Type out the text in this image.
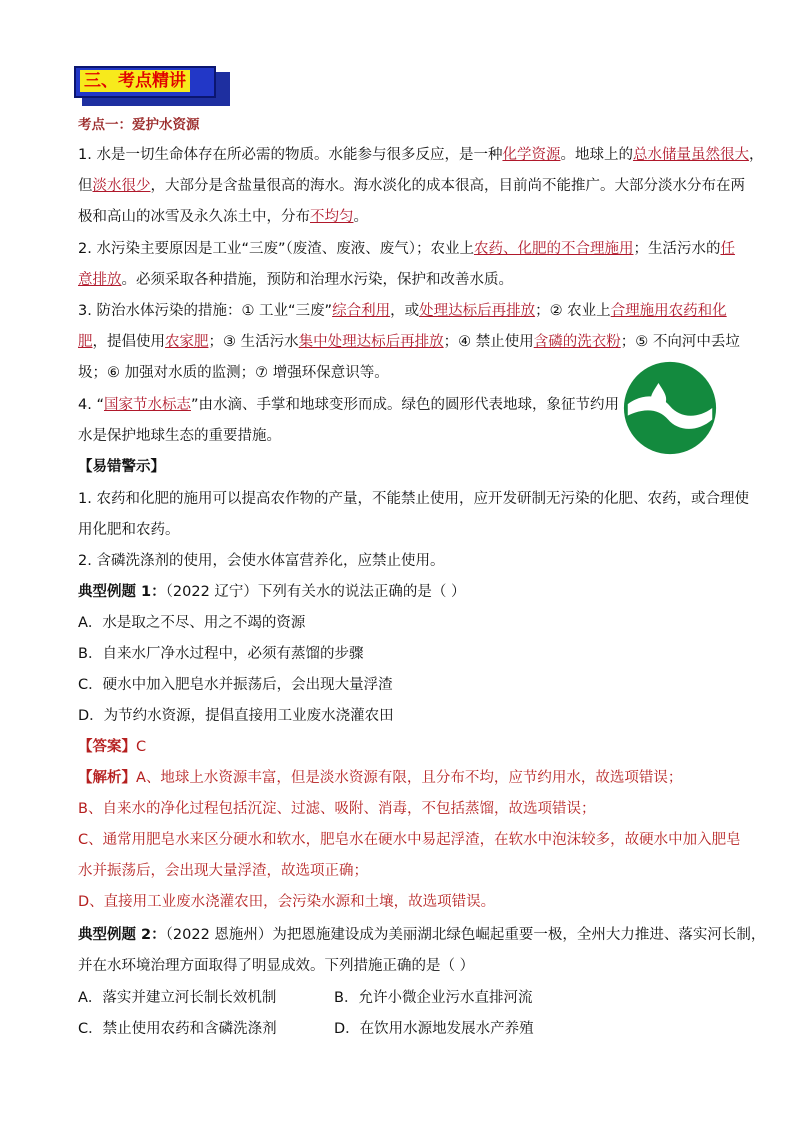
三、考点精讲
考点一：爱护水资源
1. 水是一切生命体存在所必需的物质。水能参与很多反应，是一种化学资源。地球上的总水储量虽然很大，
但淡水很少，大部分是含盐量很高的海水。海水淡化的成本很高，目前尚不能推广。大部分淡水分布在两
极和高山的冰雪及永久冻土中，分布不均匀。
2. 水污染主要原因是工业“三废”（废渣、废液、废气）；农业上农药、化肥的不合理施用；生活污水的任
意排放。必须采取各种措施，预防和治理水污染，保护和改善水质。
3. 防治水体污染的措施：① 工业“三废”综合利用，或处理达标后再排放；② 农业上合理施用农药和化
肥，提倡使用农家肥；③ 生活污水集中处理达标后再排放；④ 禁止使用含磷的洗衣粉；⑤ 不向河中丢垃
圾；⑥ 加强对水质的监测；⑦ 增强环保意识等。
4. “国家节水标志”由水滴、手掌和地球变形而成。绿色的圆形代表地球，象征节约用
水是保护地球生态的重要措施。
【易错警示】
1. 农药和化肥的施用可以提高农作物的产量，不能禁止使用，应开发研制无污染的化肥、农药，或合理使
用化肥和农药。
2. 含磷洗涤剂的使用，会使水体富营养化，应禁止使用。
典型例题 1：（2022 辽宁）下列有关水的说法正确的是（ ）
A．水是取之不尽、用之不竭的资源
B．自来水厂净水过程中，必须有蒸馏的步骤
C．硬水中加入肥皂水并振荡后，会出现大量浮渣
D．为节约水资源，提倡直接用工业废水浇灌农田
【答案】C
【解析】A、地球上水资源丰富，但是淡水资源有限，且分布不均，应节约用水，故选项错误；
B、自来水的净化过程包括沉淀、过滤、吸附、消毒，不包括蒸馏，故选项错误；
C、通常用肥皂水来区分硬水和软水，肥皂水在硬水中易起浮渣，在软水中泡沫较多，故硬水中加入肥皂
水并振荡后，会出现大量浮渣，故选项正确；
D、直接用工业废水浇灌农田，会污染水源和土壤，故选项错误。
典型例题 2：（2022 恩施州）为把恩施建设成为美丽湖北绿色崛起重要一极，全州大力推进、落实河长制，
并在水环境治理方面取得了明显成效。下列措施正确的是（ ）
A．落实并建立河长制长效机制	B．允许小微企业污水直排河流
C．禁止使用农药和含磷洗涤剂	D．在饮用水源地发展水产养殖
